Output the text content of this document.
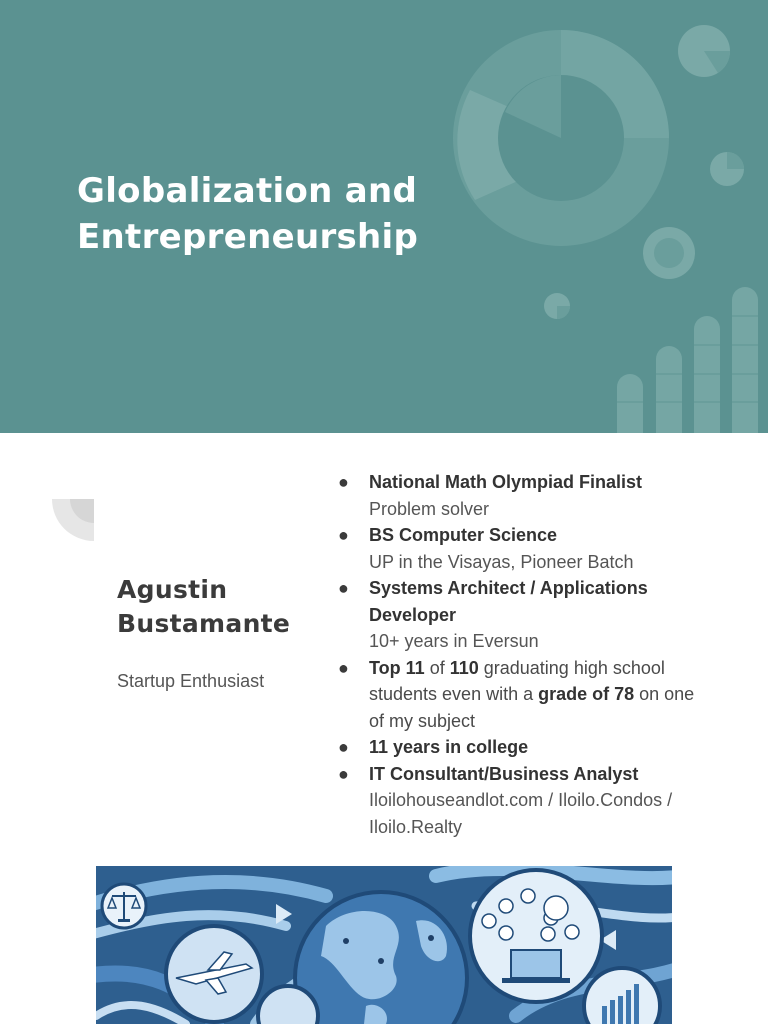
Globalization and
Entrepreneurship
Agustin
Bustamante
Startup Enthusiast
● National Math Olympiad Finalist
Problem solver
● BS Computer Science
UP in the Visayas, Pioneer Batch
● Systems Architect / Applications Developer
10+ years in Eversun
● Top 11 of 110 graduating high school students even with a grade of 78 on one of my subject
● 11 years in college
● IT Consultant/Business Analyst
Iloilohouseandlot.com / Iloilo.Condos / Iloilo.Realty
